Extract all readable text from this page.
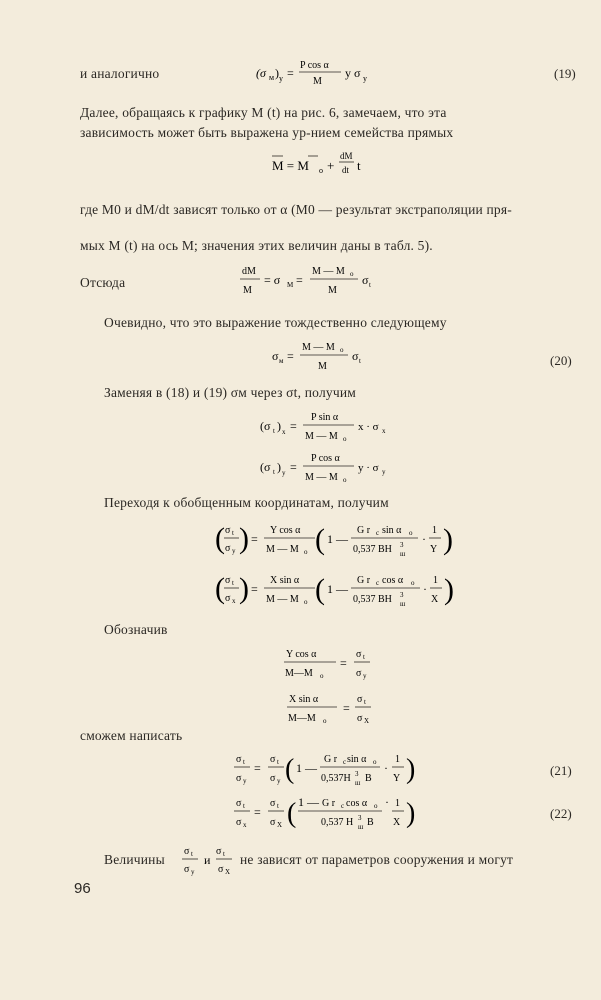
и аналогично	(σ м ) y =
P cos α
M
y σ y	(19)
Далее, обращаясь к графику M (t) на рис. 6, замечаем, что эта
зависимость может быть выражена ур-нием семейства прямых
M = M o +
dM
dt t
где M0 и dM/dt зависят только от α (M0 — результат экстраполяции пря-
мых M (t) на ось M; значения этих величин даны в табл. 5).
Отсюда
dM
M
= σ M =
M — M o
M
σ t
Очевидно, что это выражение тождественно следующему
σ м =
M — M o
M
σ t	(20)
Заменяя в (18) и (19) σм через σt, получим
(σ t ) x =
P sin α
M — M o
x · σ x
(σ t ) y =
P cos α
M — M o
y · σ y
Переходя к обобщенным координатам, получим
( σ t
σ y ) =
Y cos α
M — M o ( 1 —
G r c sin α o
0,537 BH 3
ш
·
1
Y )
( σ t
σ x ) =
X sin α
M — M o ( 1 —
G r c cos α o
0,537 BH 3
ш
·
1
X )
Обозначив
Y cos α
M—M o
=
σ t
σ y
X sin α
M—M o
=
σ t
σ X
сможем написать
σ t
σ y
=
σ t
σ y ( 1 —
G r c sin α o
0,537H 3
ш B
·
1
Y )	(21)
σ t
σ x
=
σ t
σ X ( 1 — G r c cos α o
0,537 H 3
ш B
· 1
X )	(22)
Величины
σ t
σ y
и
σ t
σ X
не зависят от параметров сооружения и могут
96
